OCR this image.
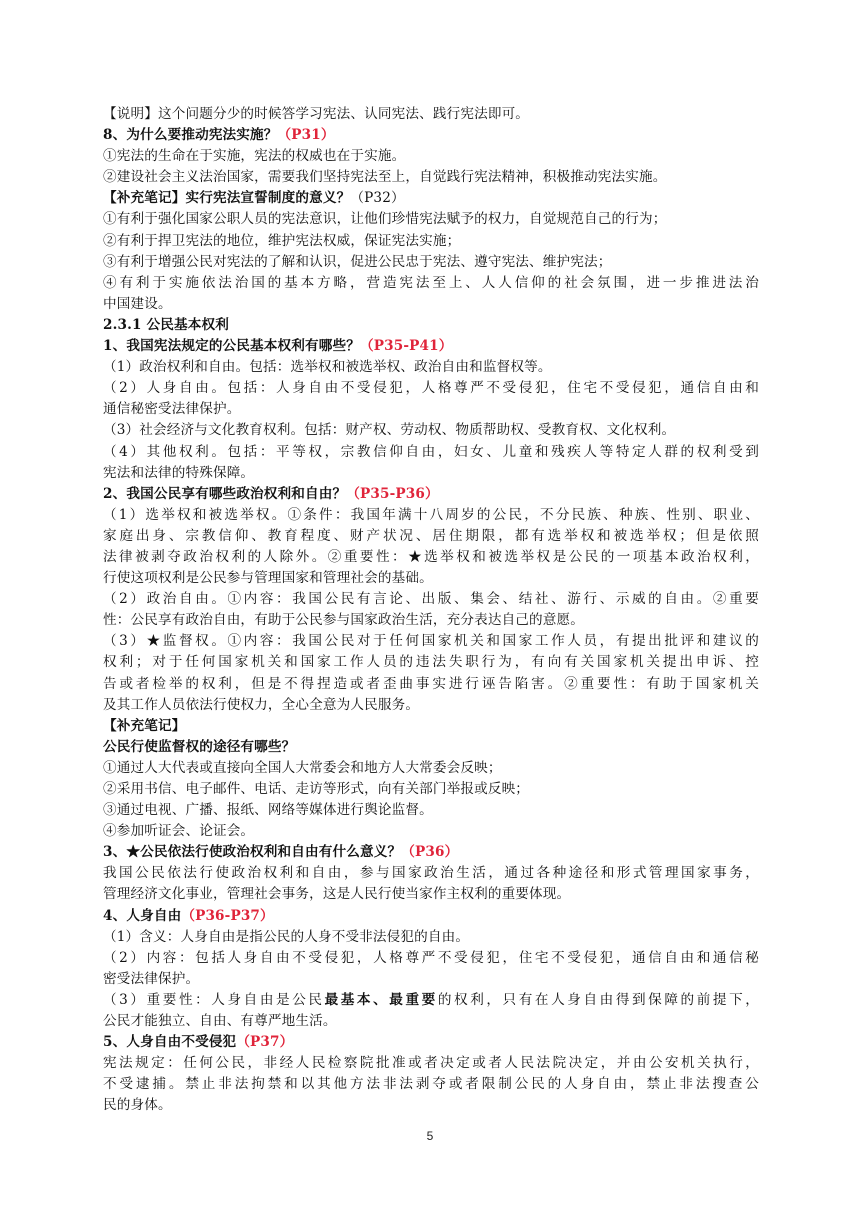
【说明】这个问题分少的时候答学习宪法、认同宪法、践行宪法即可。
8、为什么要推动宪法实施？（P31）
①宪法的生命在于实施，宪法的权威也在于实施。
②建设社会主义法治国家，需要我们坚持宪法至上，自觉践行宪法精神，积极推动宪法实施。
【补充笔记】实行宪法宣誓制度的意义？（P32）
①有利于强化国家公职人员的宪法意识，让他们珍惜宪法赋予的权力，自觉规范自己的行为；
②有利于捍卫宪法的地位，维护宪法权威，保证宪法实施；
③有利于增强公民对宪法的了解和认识，促进公民忠于宪法、遵守宪法、维护宪法；
④有利于实施依法治国的基本方略，营造宪法至上、人人信仰的社会氛围，进一步推进法治
中国建设。
2.3.1 公民基本权利
1、我国宪法规定的公民基本权利有哪些？（P35-P41）
（1）政治权利和自由。包括：选举权和被选举权、政治自由和监督权等。
（2）人身自由。包括：人身自由不受侵犯，人格尊严不受侵犯，住宅不受侵犯，通信自由和
通信秘密受法律保护。
（3）社会经济与文化教育权利。包括：财产权、劳动权、物质帮助权、受教育权、文化权利。
（4）其他权利。包括：平等权，宗教信仰自由，妇女、儿童和残疾人等特定人群的权利受到
宪法和法律的特殊保障。
2、我国公民享有哪些政治权利和自由？（P35-P36）
（1）选举权和被选举权。①条件：我国年满十八周岁的公民，不分民族、种族、性别、职业、
家庭出身、宗教信仰、教育程度、财产状况、居住期限，都有选举权和被选举权；但是依照
法律被剥夺政治权利的人除外。②重要性：★选举权和被选举权是公民的一项基本政治权利，
行使这项权利是公民参与管理国家和管理社会的基础。
（2）政治自由。①内容：我国公民有言论、出版、集会、结社、游行、示威的自由。②重要
性：公民享有政治自由，有助于公民参与国家政治生活，充分表达自己的意愿。
（3）★监督权。①内容：我国公民对于任何国家机关和国家工作人员，有提出批评和建议的
权利；对于任何国家机关和国家工作人员的违法失职行为，有向有关国家机关提出申诉、控
告或者检举的权利，但是不得捏造或者歪曲事实进行诬告陷害。②重要性：有助于国家机关
及其工作人员依法行使权力，全心全意为人民服务。
【补充笔记】
公民行使监督权的途径有哪些？
①通过人大代表或直接向全国人大常委会和地方人大常委会反映；
②采用书信、电子邮件、电话、走访等形式，向有关部门举报或反映；
③通过电视、广播、报纸、网络等媒体进行舆论监督。
④参加听证会、论证会。
3、★公民依法行使政治权利和自由有什么意义？（P36）
我国公民依法行使政治权利和自由，参与国家政治生活，通过各种途径和形式管理国家事务，
管理经济文化事业，管理社会事务，这是人民行使当家作主权利的重要体现。
4、人身自由（P36-P37）
（1）含义：人身自由是指公民的人身不受非法侵犯的自由。
（2）内容：包括人身自由不受侵犯，人格尊严不受侵犯，住宅不受侵犯，通信自由和通信秘
密受法律保护。
（3）重要性：人身自由是公民最基本、最重要的权利，只有在人身自由得到保障的前提下，
公民才能独立、自由、有尊严地生活。
5、人身自由不受侵犯（P37）
宪法规定：任何公民，非经人民检察院批准或者决定或者人民法院决定，并由公安机关执行，
不受逮捕。禁止非法拘禁和以其他方法非法剥夺或者限制公民的人身自由，禁止非法搜查公
民的身体。
5
